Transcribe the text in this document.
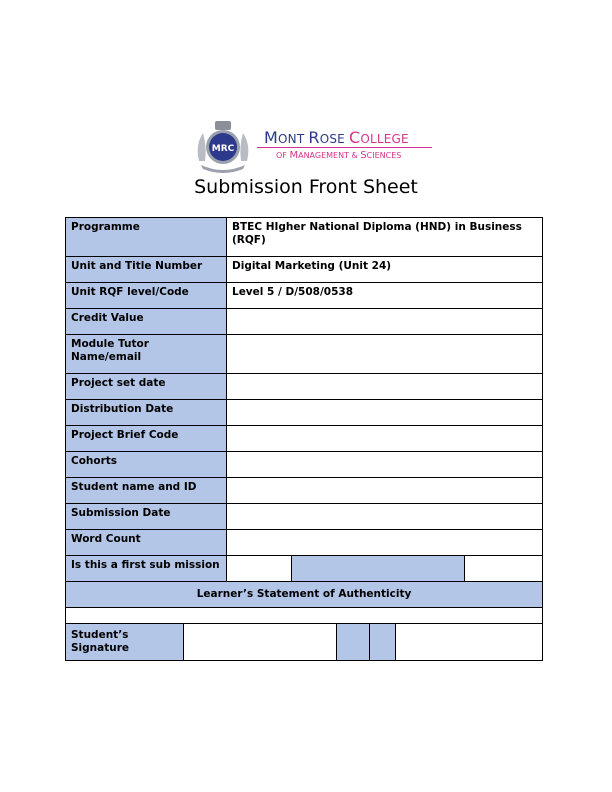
MRC
MONT ROSE COLLEGE
OF MANAGEMENT & SCIENCES
Submission Front Sheet
Programme	BTEC HIgher National Diploma (HND) in Business (RQF)
Unit and Title Number	Digital Marketing (Unit 24)
Unit RQF level/Code	Level 5 / D/508/0538
Credit Value	
Module Tutor Name/email	
Project set date	
Distribution Date	
Project Brief Code	
Cohorts	
Student name and ID	
Submission Date	
Word Count	
Is this a first sub mission			
Learner’s Statement of Authenticity

Student’s Signature	
